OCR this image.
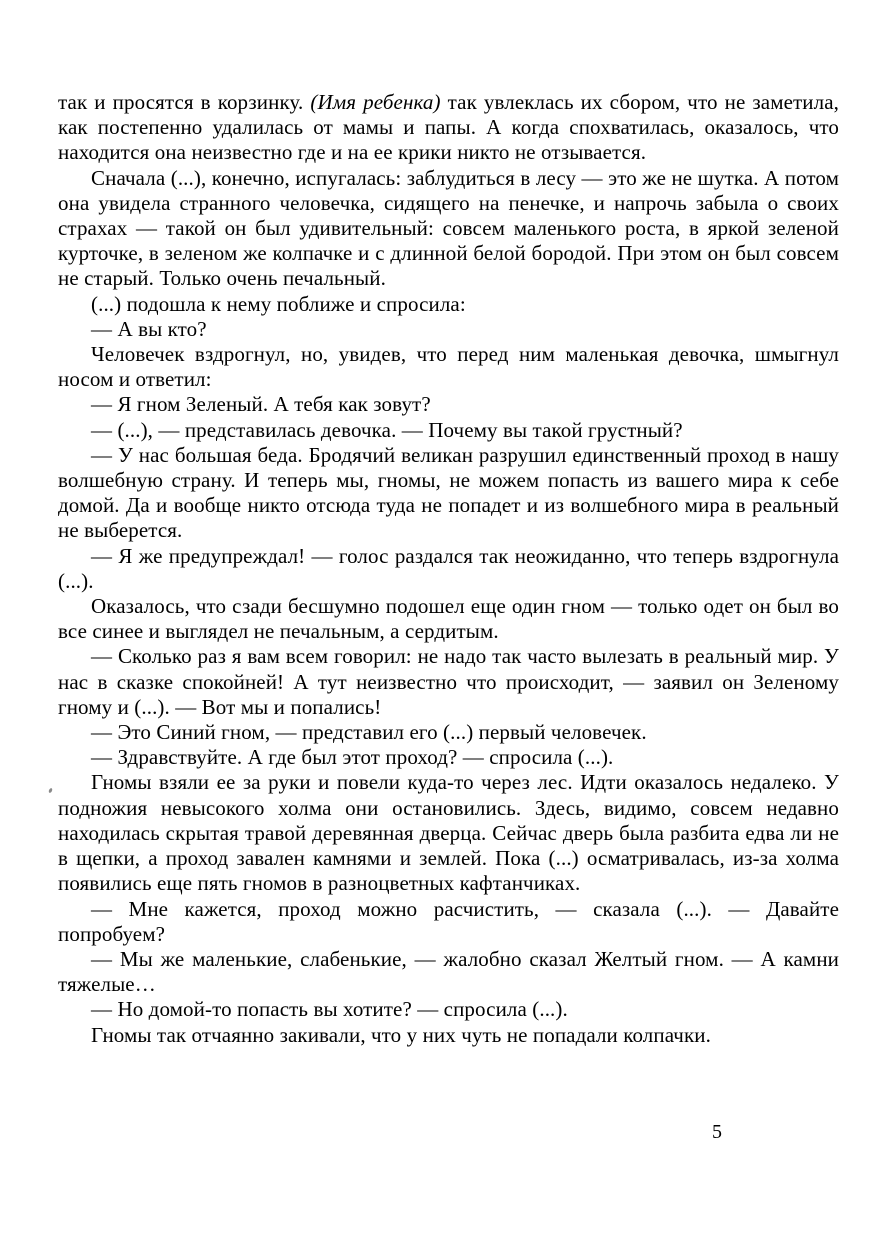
так и просятся в корзинку. (Имя ребенка) так увлеклась их сбором, что не заметила, как постепенно удалилась от мамы и папы. А когда спохватилась, оказалось, что находится она неизвестно где и на ее крики никто не отзывается.

Сначала (...), конечно, испугалась: заблудиться в лесу — это же не шутка. А потом она увидела странного человечка, сидящего на пенечке, и напрочь забыла о своих страхах — такой он был удивительный: совсем маленького роста, в яркой зеленой курточке, в зеленом же колпачке и с длинной белой бородой. При этом он был совсем не старый. Только очень печальный.

(...) подошла к нему поближе и спросила:

— А вы кто?

Человечек вздрогнул, но, увидев, что перед ним маленькая девочка, шмыгнул носом и ответил:

— Я гном Зеленый. А тебя как зовут?

— (...), — представилась девочка. — Почему вы такой грустный?

— У нас большая беда. Бродячий великан разрушил единственный проход в нашу волшебную страну. И теперь мы, гномы, не можем попасть из вашего мира к себе домой. Да и вообще никто отсюда туда не попадет и из волшебного мира в реальный не выберется.

— Я же предупреждал! — голос раздался так неожиданно, что теперь вздрогнула (...).

Оказалось, что сзади бесшумно подошел еще один гном — только одет он был во все синее и выглядел не печальным, а сердитым.

— Сколько раз я вам всем говорил: не надо так часто вылезать в реальный мир. У нас в сказке спокойней! А тут неизвестно что происходит, — заявил он Зеленому гному и (...). — Вот мы и попались!

— Это Синий гном, — представил его (...) первый человечек.

— Здравствуйте. А где был этот проход? — спросила (...).

Гномы взяли ее за руки и повели куда-то через лес. Идти оказалось недалеко. У подножия невысокого холма они остановились. Здесь, видимо, совсем недавно находилась скрытая травой деревянная дверца. Сейчас дверь была разбита едва ли не в щепки, а проход завален камнями и землей. Пока (...) осматривалась, из-за холма появились еще пять гномов в разноцветных кафтанчиках.

— Мне кажется, проход можно расчистить, — сказала (...). — Давайте попробуем?

— Мы же маленькие, слабенькие, — жалобно сказал Желтый гном. — А камни тяжелые…

— Но домой-то попасть вы хотите? — спросила (...).

Гномы так отчаянно закивали, что у них чуть не попадали колпачки.

5
